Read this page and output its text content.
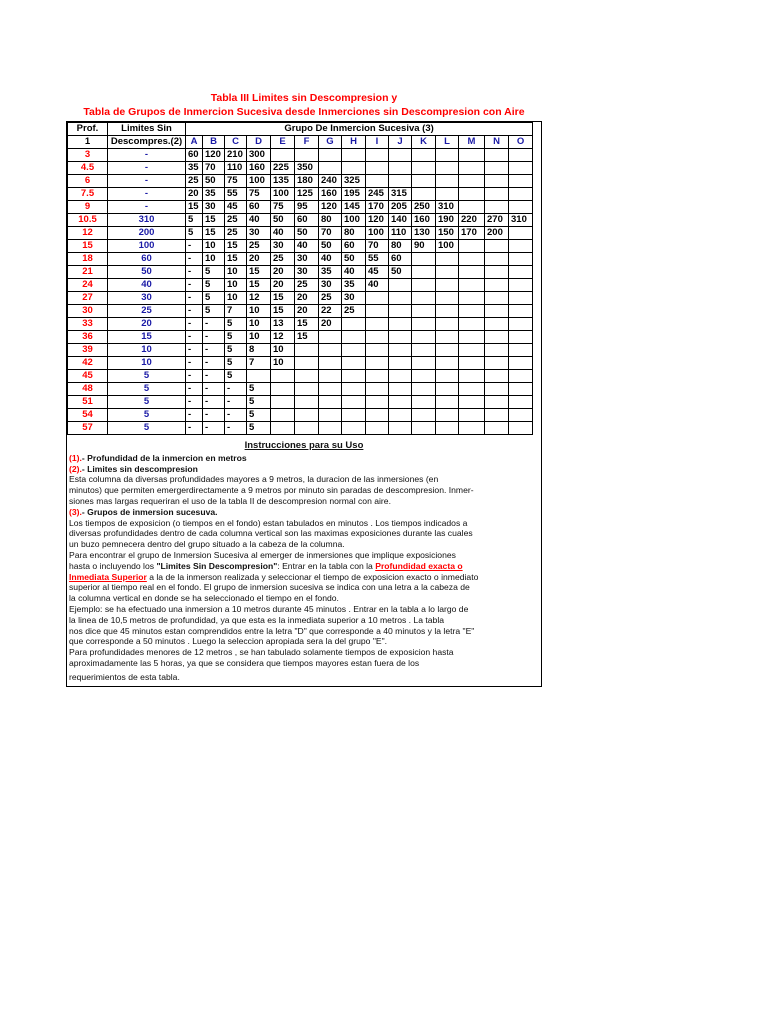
Tabla III Limites sin Descompresion y
Tabla de Grupos de Inmercion Sucesiva desde Inmerciones sin Descompresion con Aire
Prof.	Limites Sin	Grupo De Inmercion Sucesiva (3)														
1	Descompres.(2)	A	B	C	D	E	F	G	H	I	J	K	L	M	N	O
3	-	60	120	210	300											
4.5	-	35	70	110	160	225	350									
6	-	25	50	75	100	135	180	240	325							
7.5	-	20	35	55	75	100	125	160	195	245	315					
9	-	15	30	45	60	75	95	120	145	170	205	250	310			
10.5	310	5	15	25	40	50	60	80	100	120	140	160	190	220	270	310
12	200	5	15	25	30	40	50	70	80	100	110	130	150	170	200	
15	100	-	10	15	25	30	40	50	60	70	80	90	100			
18	60	-	10	15	20	25	30	40	50	55	60					
21	50	-	5	10	15	20	30	35	40	45	50					
24	40	-	5	10	15	20	25	30	35	40						
27	30	-	5	10	12	15	20	25	30							
30	25	-	5	7	10	15	20	22	25							
33	20	-	-	5	10	13	15	20								
36	15	-	-	5	10	12	15									
39	10	-	-	5	8	10										
42	10	-	-	5	7	10										
45	5	-	-	5												
48	5	-	-	-	5											
51	5	-	-	-	5											
54	5	-	-	-	5											
57	5	-	-	-	5											
Instrucciones para su Uso

(1).- Profundidad de la inmercion en metros

(2).- Limites sin descompresion

Esta columna da diversas profundidades mayores a 9 metros, la duracion de las inmersiones (en

minutos) que permiten emergerdirectamente a 9 metros por minuto sin paradas de descompresion. Inmer-

siones mas largas requeriran el uso de la tabla II de descompresion normal con aire.

(3).- Grupos de inmersion sucesuva.

Los tiempos de exposicion (o tiempos en el fondo) estan tabulados en minutos . Los tiempos indicados a

diversas profundidades dentro de cada columna vertical son las maximas exposiciones durante las cuales

un buzo pemnecera dentro del grupo situado a la cabeza de la columna.

Para encontrar el grupo de Inmersion Sucesiva al emerger de inmersiones que implique exposiciones

hasta o incluyendo los "Limites Sin Descompresion": Entrar en la tabla con la Profundidad exacta o

Inmediata Superior a la de la inmerson realizada y seleccionar el tiempo de exposicion exacto o inmediato

superior al tiempo real en el fondo. El grupo de inmersion sucesiva se indica con una letra a la cabeza de

la columna vertical en donde se ha seleccionado el tiempo en el fondo.

Ejemplo: se ha efectuado una inmersion a 10 metros durante 45 minutos . Entrar en la tabla a lo largo de

la linea de 10,5 metros de profundidad, ya que esta es la inmediata superior a 10 metros . La tabla

nos dice que 45 minutos estan comprendidos entre la letra "D" que corresponde a 40 minutos y la letra "E"

que corresponde a 50 minutos . Luego la seleccion apropiada sera la del grupo "E".

Para profundidades menores de 12 metros , se han tabulado solamente tiempos de exposicion hasta

aproximadamente las 5 horas, ya que se considera que tiempos mayores estan fuera de los

requerimientos de esta tabla.
